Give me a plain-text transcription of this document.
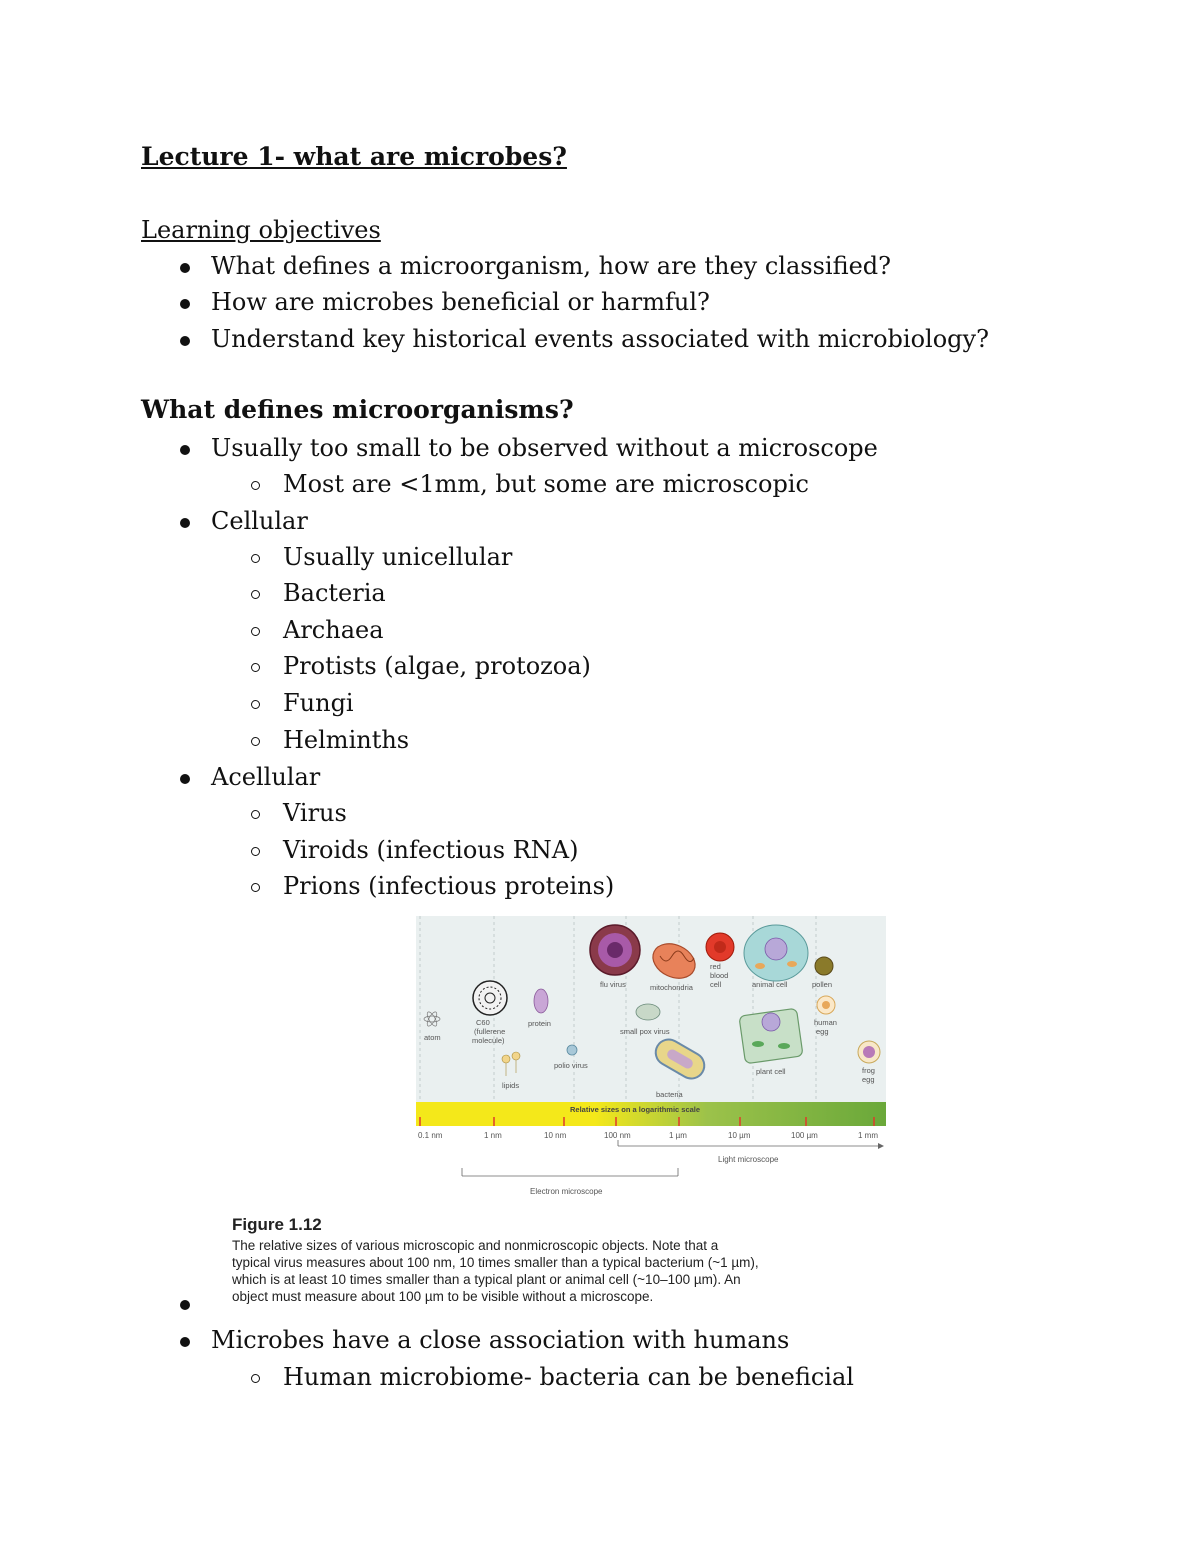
Lecture 1- what are microbes?
Learning objectives
What defines a microorganism, how are they classified?
How are microbes beneficial or harmful?
Understand key historical events associated with microbiology?
What defines microorganisms?
Usually too small to be observed without a microscope
Most are <1mm, but some are microscopic
Cellular
Usually unicellular
Bacteria
Archaea
Protists (algae, protozoa)
Fungi
Helminths
Acellular
Virus
Viroids (infectious RNA)
Prions (infectious proteins)
atom
C60
(fullerene
molecule)
protein
lipids
polio virus
flu virus	mitochondria
red
blood
cell
small pox virus
bacteria
animal cell
plant cell
pollen
human
egg
frog
egg
Relative sizes on a logarithmic scale
0.1 nm	1 nm	10 nm	100 nm	1 µm	10 µm	100 µm	1 mm
Light microscope
Electron microscope
Figure 1.12
The relative sizes of various microscopic and nonmicroscopic objects. Note that a
typical virus measures about 100 nm, 10 times smaller than a typical bacterium (~1 µm),
which is at least 10 times smaller than a typical plant or animal cell (~10–100 µm). An
object must measure about 100 µm to be visible without a microscope.
Microbes have a close association with humans
Human microbiome- bacteria can be beneficial
